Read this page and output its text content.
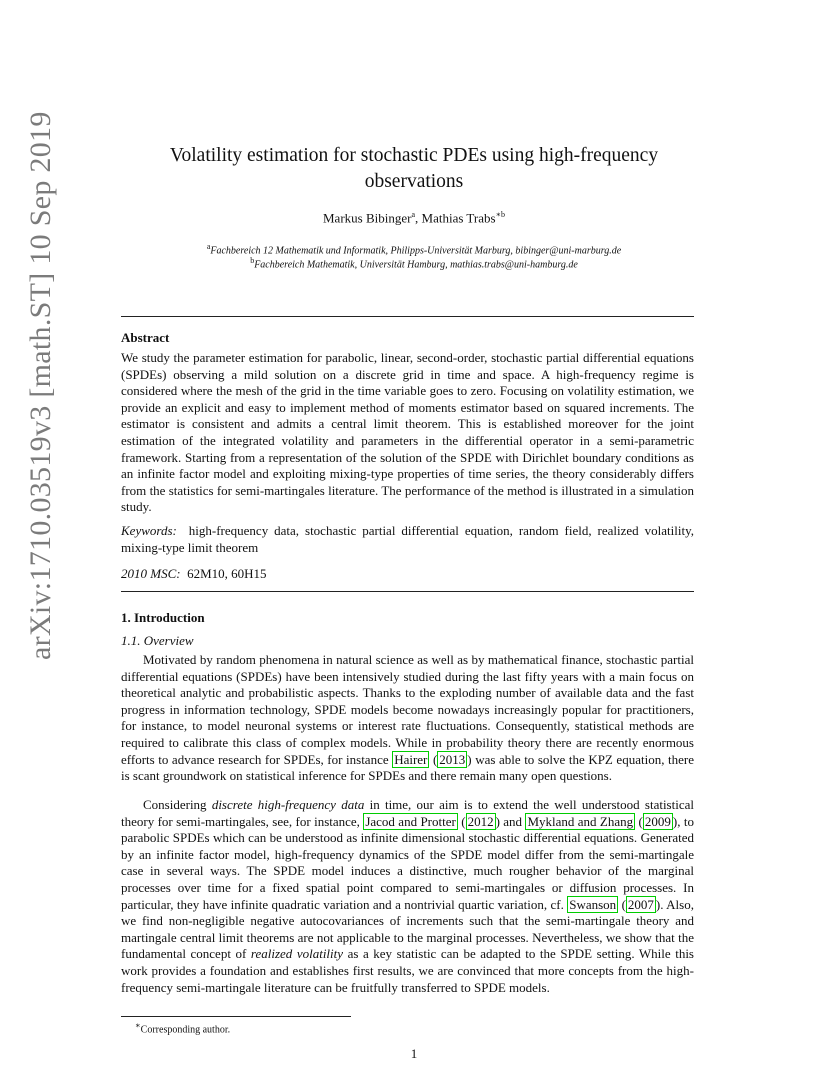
arXiv:1710.03519v3 [math.ST] 10 Sep 2019	Volatility estimation for stochastic PDEs using high-frequency observations
Markus Bibinger$^a$, Mathias Trabs$^{∗b}$
$^a$Fachbereich 12 Mathematik und Informatik, Philipps-Universität Marburg, bibinger@uni-marburg.de
$^b$Fachbereich Mathematik, Universität Hamburg, mathias.trabs@uni-hamburg.de
Abstract

We study the parameter estimation for parabolic, linear, second-order, stochastic partial differential equations (SPDEs) observing a mild solution on a discrete grid in time and space. A high-frequency regime is considered where the mesh of the grid in the time variable goes to zero. Focusing on volatility estimation, we provide an explicit and easy to implement method of moments estimator based on squared increments. The estimator is consistent and admits a central limit theorem. This is established moreover for the joint estimation of the integrated volatility and parameters in the differential operator in a semi-parametric framework. Starting from a representation of the solution of the SPDE with Dirichlet boundary conditions as an infinite factor model and exploiting mixing-type properties of time series, the theory considerably differs from the statistics for semi-martingales literature. The performance of the method is illustrated in a simulation study.

Keywords: high-frequency data, stochastic partial differential equation, random field, realized volatility, mixing-type limit theorem

2010 MSC: 62M10, 60H15

1. Introduction
1.1. Overview

Motivated by random phenomena in natural science as well as by mathematical finance, stochastic partial differential equations (SPDEs) have been intensively studied during the last fifty years with a main focus on theoretical analytic and probabilistic aspects. Thanks to the exploding number of available data and the fast progress in information technology, SPDE models become nowadays increasingly popular for practitioners, for instance, to model neuronal systems or interest rate fluctuations. Consequently, statistical methods are required to calibrate this class of complex models. While in probability theory there are recently enormous efforts to advance research for SPDEs, for instance Hairer ( 2013 ) was able to solve the KPZ equation, there is scant groundwork on statistical inference for SPDEs and there remain many open questions.

Considering discrete high-frequency data in time, our aim is to extend the well understood statistical theory for semi-martingales, see, for instance, Jacod and Protter ( 2012 ) and Mykland and Zhang ( 2009 ), to parabolic SPDEs which can be understood as infinite dimensional stochastic differential equations. Generated by an infinite factor model, high-frequency dynamics of the SPDE model differ from the semi-martingale case in several ways. The SPDE model induces a distinctive, much rougher behavior of the marginal processes over time for a fixed spatial point compared to semi-martingales or diffusion processes. In particular, they have infinite quadratic variation and a nontrivial quartic variation, cf. Swanson ( 2007 ). Also, we find non-negligible negative autocovariances of increments such that the semi-martingale theory and martingale central limit theorems are not applicable to the marginal processes. Nevertheless, we show that the fundamental concept of realized volatility as a key statistic can be adapted to the SPDE setting. While this work provides a foundation and establishes first results, we are convinced that more concepts from the high-frequency semi-martingale literature can be fruitfully transferred to SPDE models.

∗Corresponding author.
1
